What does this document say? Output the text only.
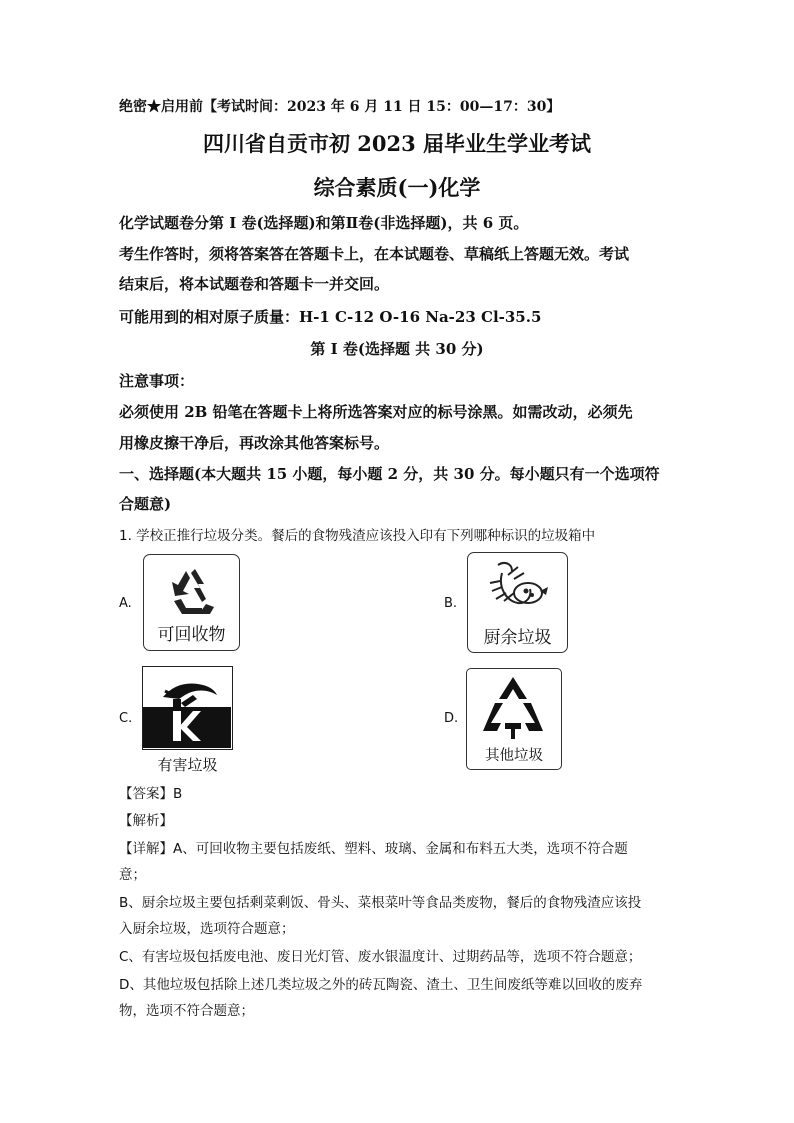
绝密★启用前【考试时间：2023 年 6 月 11 日 15：00—17：30】
四川省自贡市初 2023 届毕业生学业考试
综合素质(一)化学
化学试题卷分第 I 卷(选择题)和第Ⅱ卷(非选择题)，共 6 页。
考生作答时，须将答案答在答题卡上，在本试题卷、草稿纸上答题无效。考试
结束后，将本试题卷和答题卡一并交回。
可能用到的相对原子质量：H-1 C-12 O-16 Na-23 Cl-35.5
第 I 卷(选择题 共 30 分)
注意事项：
必须使用 2B 铅笔在答题卡上将所选答案对应的标号涂黑。如需改动，必须先
用橡皮擦干净后，再改涂其他答案标号。
一、选择题(本大题共 15 小题，每小题 2 分，共 30 分。每小题只有一个选项符
合题意)
1. 学校正推行垃圾分类。餐后的食物残渣应该投入印有下列哪种标识的垃圾箱中
A.
可回收物
B.
厨余垃圾
C.
有害垃圾
D.
其他垃圾
【答案】B
【解析】
【详解】A、可回收物主要包括废纸、塑料、玻璃、金属和布料五大类，选项不符合题
意；
B、厨余垃圾主要包括剩菜剩饭、骨头、菜根菜叶等食品类废物，餐后的食物残渣应该投
入厨余垃圾，选项符合题意；
C、有害垃圾包括废电池、废日光灯管、废水银温度计、过期药品等，选项不符合题意；
D、其他垃圾包括除上述几类垃圾之外的砖瓦陶瓷、渣土、卫生间废纸等难以回收的废弃
物，选项不符合题意；
